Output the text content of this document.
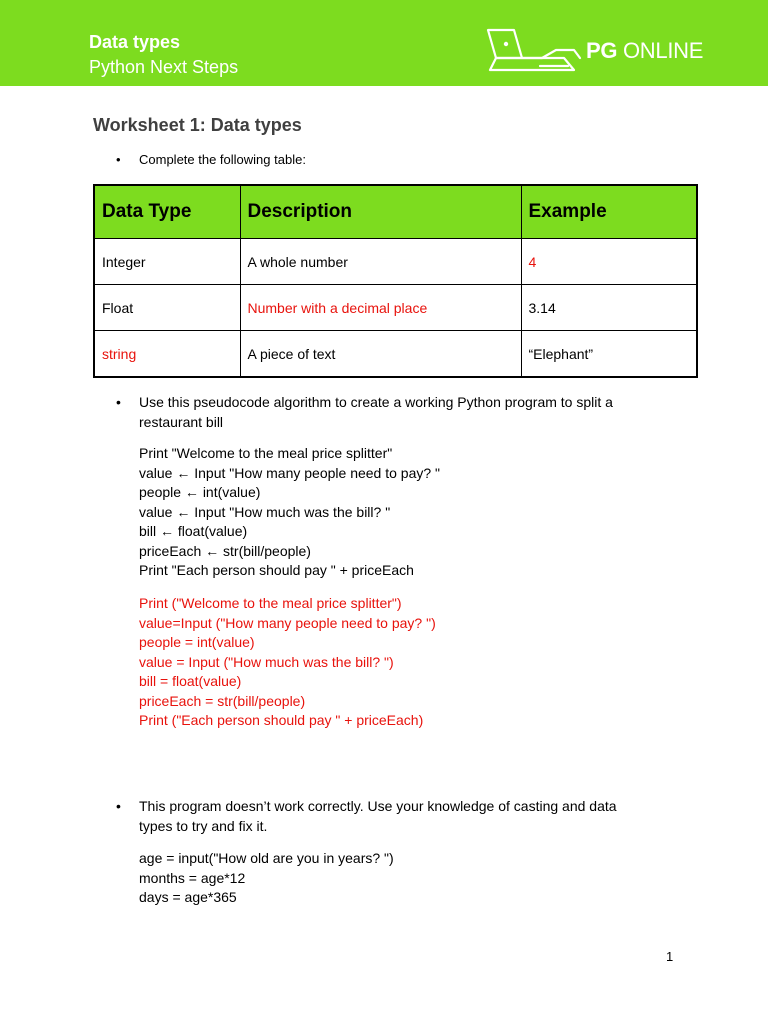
Data types
Python Next Steps
PG ONLINE
Worksheet 1: Data types
• Complete the following table:
Data Type	Description	Example
Integer	A whole number	4
Float	Number with a decimal place	3.14
string	A piece of text	“Elephant”
• Use this pseudocode algorithm to create a working Python program to split a
restaurant bill
Print "Welcome to the meal price splitter"
value ← Input "How many people need to pay? "
people ← int(value)
value ← Input "How much was the bill? "
bill ← float(value)
priceEach ← str(bill/people)
Print "Each person should pay " + priceEach
Print ("Welcome to the meal price splitter")
value=Input ("How many people need to pay? ")
people = int(value)
value = Input ("How much was the bill? ")
bill = float(value)
priceEach = str(bill/people)
Print ("Each person should pay " + priceEach)
• This program doesn’t work correctly. Use your knowledge of casting and data
types to try and fix it.
age = input("How old are you in years? ")
months = age*12
days = age*365
1
